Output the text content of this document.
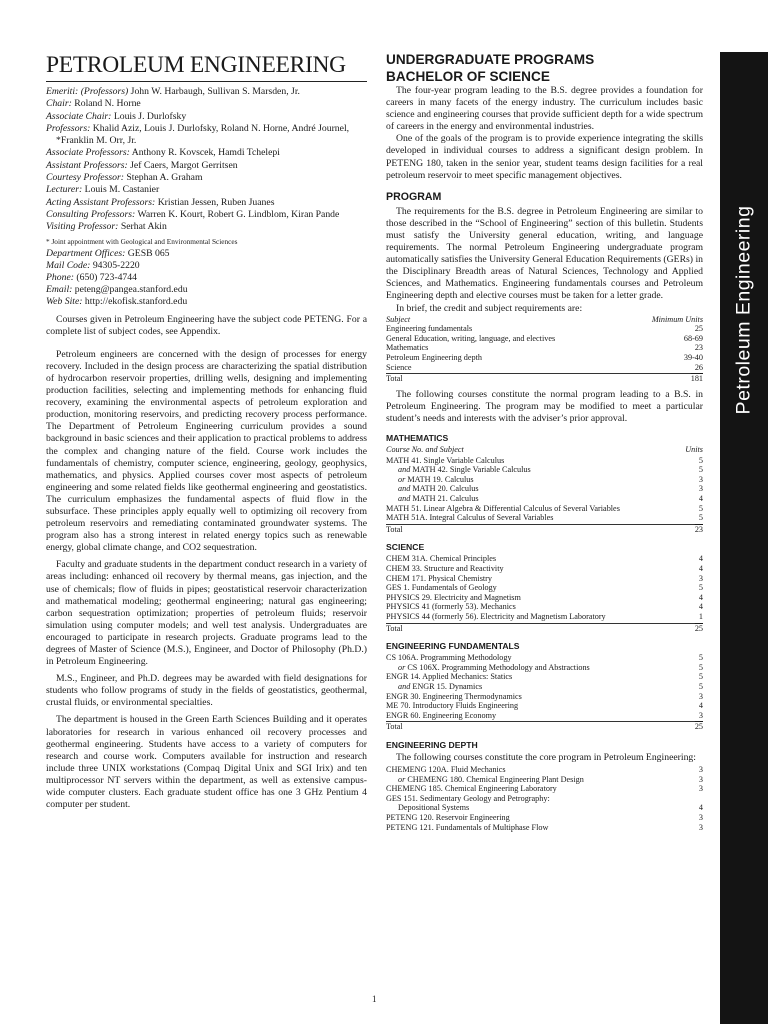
PETROLEUM ENGINEERING
Emeriti: (Professors) John W. Harbaugh, Sullivan S. Marsden, Jr.
Chair: Roland N. Horne
Associate Chair: Louis J. Durlofsky
Professors: Khalid Aziz, Louis J. Durlofsky, Roland N. Horne, André Journel, *Franklin M. Orr, Jr.
Associate Professors: Anthony R. Kovscek, Hamdi Tchelepi
Assistant Professors: Jef Caers, Margot Gerritsen
Courtesy Professor: Stephan A. Graham
Lecturer: Louis M. Castanier
Acting Assistant Professors: Kristian Jessen, Ruben Juanes
Consulting Professors: Warren K. Kourt, Robert G. Lindblom, Kiran Pande
Visiting Professor: Serhat Akin
* Joint appointment with Geological and Environmental Sciences
Department Offices: GESB 065
Mail Code: 94305-2220
Phone: (650) 723-4744
Email: peteng@pangea.stanford.edu
Web Site: http://ekofisk.stanford.edu

Courses given in Petroleum Engineering have the subject code PETENG. For a complete list of subject codes, see Appendix.

Petroleum engineers are concerned with the design of processes for energy recovery. Included in the design process are characterizing the spatial distribution of hydrocarbon reservoir properties, drilling wells, designing and implementing production facilities, selecting and implementing methods for enhancing fluid recovery, examining the environmental aspects of petroleum exploration and production, monitoring reservoirs, and predicting recovery process performance. The Department of Petroleum Engineering curriculum provides a sound background in basic sciences and their application to practical problems to address the complex and changing nature of the field. Course work includes the fundamentals of chemistry, computer science, engineering, geology, geophysics, mathematics, and physics. Applied courses cover most aspects of petroleum engineering and some related fields like geothermal engineering and geostatistics. The curriculum emphasizes the fundamental aspects of fluid flow in the subsurface. These principles apply equally well to optimizing oil recovery from petroleum reservoirs and remediating contaminated groundwater systems. The program also has a strong interest in related energy topics such as renewable energy, global climate change, and CO2 sequestration.

Faculty and graduate students in the department conduct research in a variety of areas including: enhanced oil recovery by thermal means, gas injection, and the use of chemicals; flow of fluids in pipes; geostatistical reservoir characterization and mathematical modeling; geothermal engineering; natural gas engineering; carbon sequestration optimization; properties of petroleum fluids; reservoir simulation using computer models; and well test analysis. Undergraduates are encouraged to participate in research projects. Graduate programs lead to the degrees of Master of Science (M.S.), Engineer, and Doctor of Philosophy (Ph.D.) in Petroleum Engineering.

M.S., Engineer, and Ph.D. degrees may be awarded with field designations for students who follow programs of study in the fields of geostatistics, geothermal, crustal fluids, or environmental specialties.

The department is housed in the Green Earth Sciences Building and it operates laboratories for research in various enhanced oil recovery processes and geothermal engineering. Students have access to a variety of computers for research and course work. Computers available for instruction and research include three UNIX workstations (Compaq Digital Unix and SGI Irix) and ten multiprocessor NT servers within the department, as well as extensive campus-wide computer clusters. Each graduate student office has one 3 GHz Pentium 4 computer per student.

UNDERGRADUATE PROGRAMS
BACHELOR OF SCIENCE

The four-year program leading to the B.S. degree provides a foundation for careers in many facets of the energy industry. The curriculum includes basic science and engineering courses that provide sufficient depth for a wide spectrum of careers in the energy and environmental industries.

One of the goals of the program is to provide experience integrating the skills developed in individual courses to address a significant design problem. In PETENG 180, taken in the senior year, student teams design facilities for a real petroleum reservoir to meet specific management objectives.

PROGRAM

The requirements for the B.S. degree in Petroleum Engineering are similar to those described in the “School of Engineering” section of this bulletin. Students must satisfy the University general education, writing, and language requirements. The normal Petroleum Engineering undergraduate program automatically satisfies the University General Education Requirements (GERs) in the Disciplinary Breadth areas of Natural Sciences, Technology and Applied Sciences, and Mathematics. Engineering fundamentals courses and Petroleum Engineering depth and elective courses must be taken for a letter grade.

In brief, the credit and subject requirements are:

Subject	Minimum Units
Engineering fundamentals	25
General Education, writing, language, and electives	68-69
Mathematics	23
Petroleum Engineering depth	39-40
Science	26
Total	181

The following courses constitute the normal program leading to a B.S. in Petroleum Engineering. The program may be modified to meet a particular student’s needs and interests with the adviser’s prior approval.

MATHEMATICS
Course No. and Subject	Units
MATH 41. Single Variable Calculus	5
and MATH 42. Single Variable Calculus	5
or MATH 19. Calculus	3
and MATH 20. Calculus	3
and MATH 21. Calculus	4
MATH 51. Linear Algebra & Differential Calculus of Several Variables	5
MATH 51A. Integral Calculus of Several Variables	5
Total	23
SCIENCE
CHEM 31A. Chemical Principles	4
CHEM 33. Structure and Reactivity	4
CHEM 171. Physical Chemistry	3
GES 1. Fundamentals of Geology	5
PHYSICS 29. Electricity and Magnetism	4
PHYSICS 41 (formerly 53). Mechanics	4
PHYSICS 44 (formerly 56). Electricity and Magnetism Laboratory	1
Total	25
ENGINEERING FUNDAMENTALS
CS 106A. Programming Methodology	5
or CS 106X. Programming Methodology and Abstractions	5
ENGR 14. Applied Mechanics: Statics	5
and ENGR 15. Dynamics	5
ENGR 30. Engineering Thermodynamics	3
ME 70. Introductory Fluids Engineering	4
ENGR 60. Engineering Economy	3
Total	25
ENGINEERING DEPTH

The following courses constitute the core program in Petroleum Engineering:

CHEMENG 120A. Fluid Mechanics	3
or CHEMENG 180. Chemical Engineering Plant Design	3
CHEMENG 185. Chemical Engineering Laboratory	3
GES 151. Sedimentary Geology and Petrography:
Depositional Systems	4
PETENG 120. Reservoir Engineering	3
PETENG 121. Fundamentals of Multiphase Flow	3
Petroleum Engineering
1
